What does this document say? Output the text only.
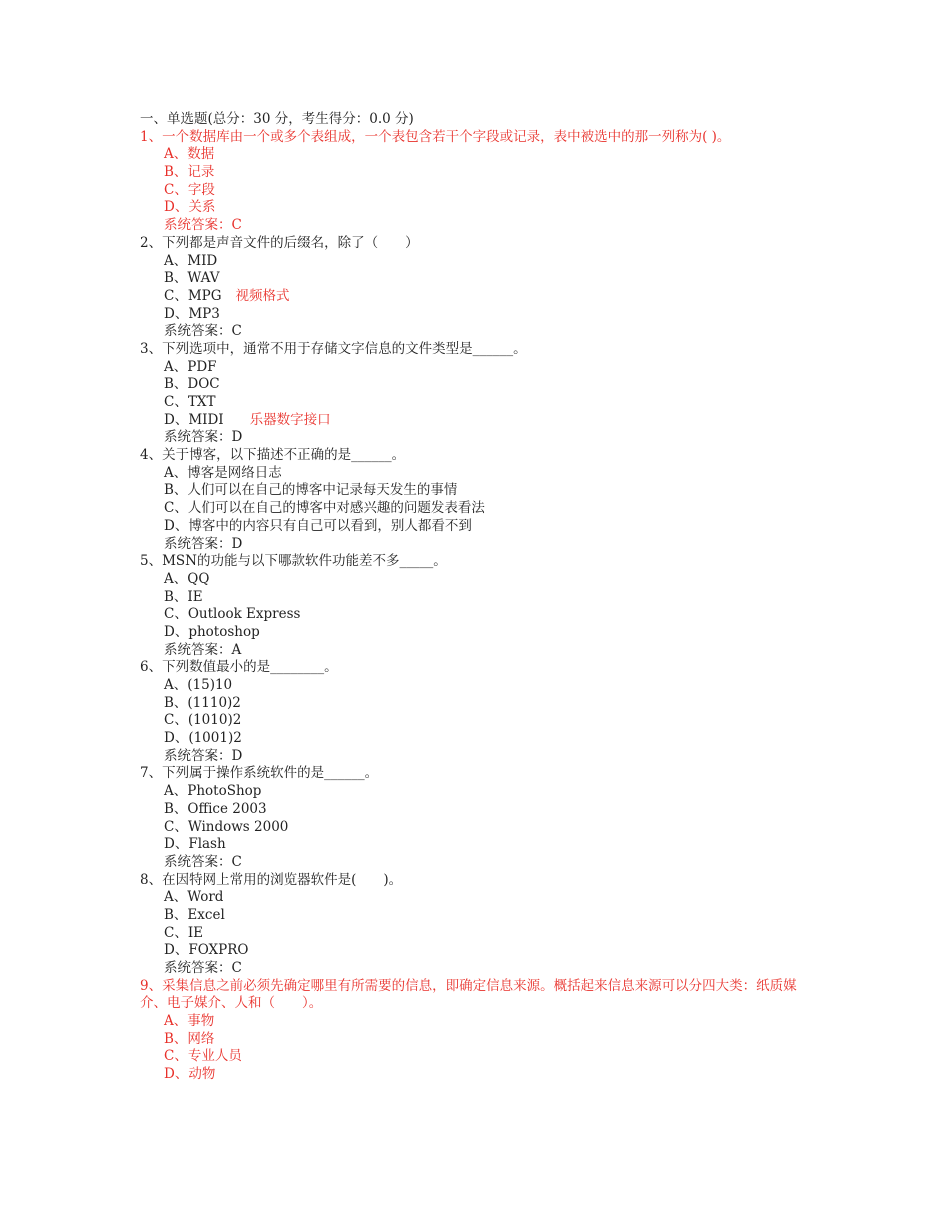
一、单选题(总分：30 分，考生得分：0.0 分)
1、一个数据库由一个或多个表组成，一个表包含若干个字段或记录，表中被选中的那一列称为( )。
A、数据
B、记录
C、字段
D、关系
系统答案：C
2、下列都是声音文件的后缀名，除了（　　）
A、MID
B、WAV
C、MPG 视频格式
D、MP3
系统答案：C
3、下列选项中，通常不用于存储文字信息的文件类型是______。
A、PDF
B、DOC
C、TXT
D、MIDI 乐器数字接口
系统答案：D
4、关于博客，以下描述不正确的是______。
A、博客是网络日志
B、人们可以在自己的博客中记录每天发生的事情
C、人们可以在自己的博客中对感兴趣的问题发表看法
D、博客中的内容只有自己可以看到，别人都看不到
系统答案：D
5、MSN的功能与以下哪款软件功能差不多_____。
A、QQ
B、IE
C、Outlook Express
D、photoshop
系统答案：A
6、下列数值最小的是________。
A、(15)10
B、(1110)2
C、(1010)2
D、(1001)2
系统答案：D
7、下列属于操作系统软件的是______。
A、PhotoShop
B、Office 2003
C、Windows 2000
D、Flash
系统答案：C
8、在因特网上常用的浏览器软件是(　　)。
A、Word
B、Excel
C、IE
D、FOXPRO
系统答案：C
9、采集信息之前必须先确定哪里有所需要的信息，即确定信息来源。概括起来信息来源可以分四大类：纸质媒介、电子媒介、人和（　　）。
A、事物
B、网络
C、专业人员
D、动物
